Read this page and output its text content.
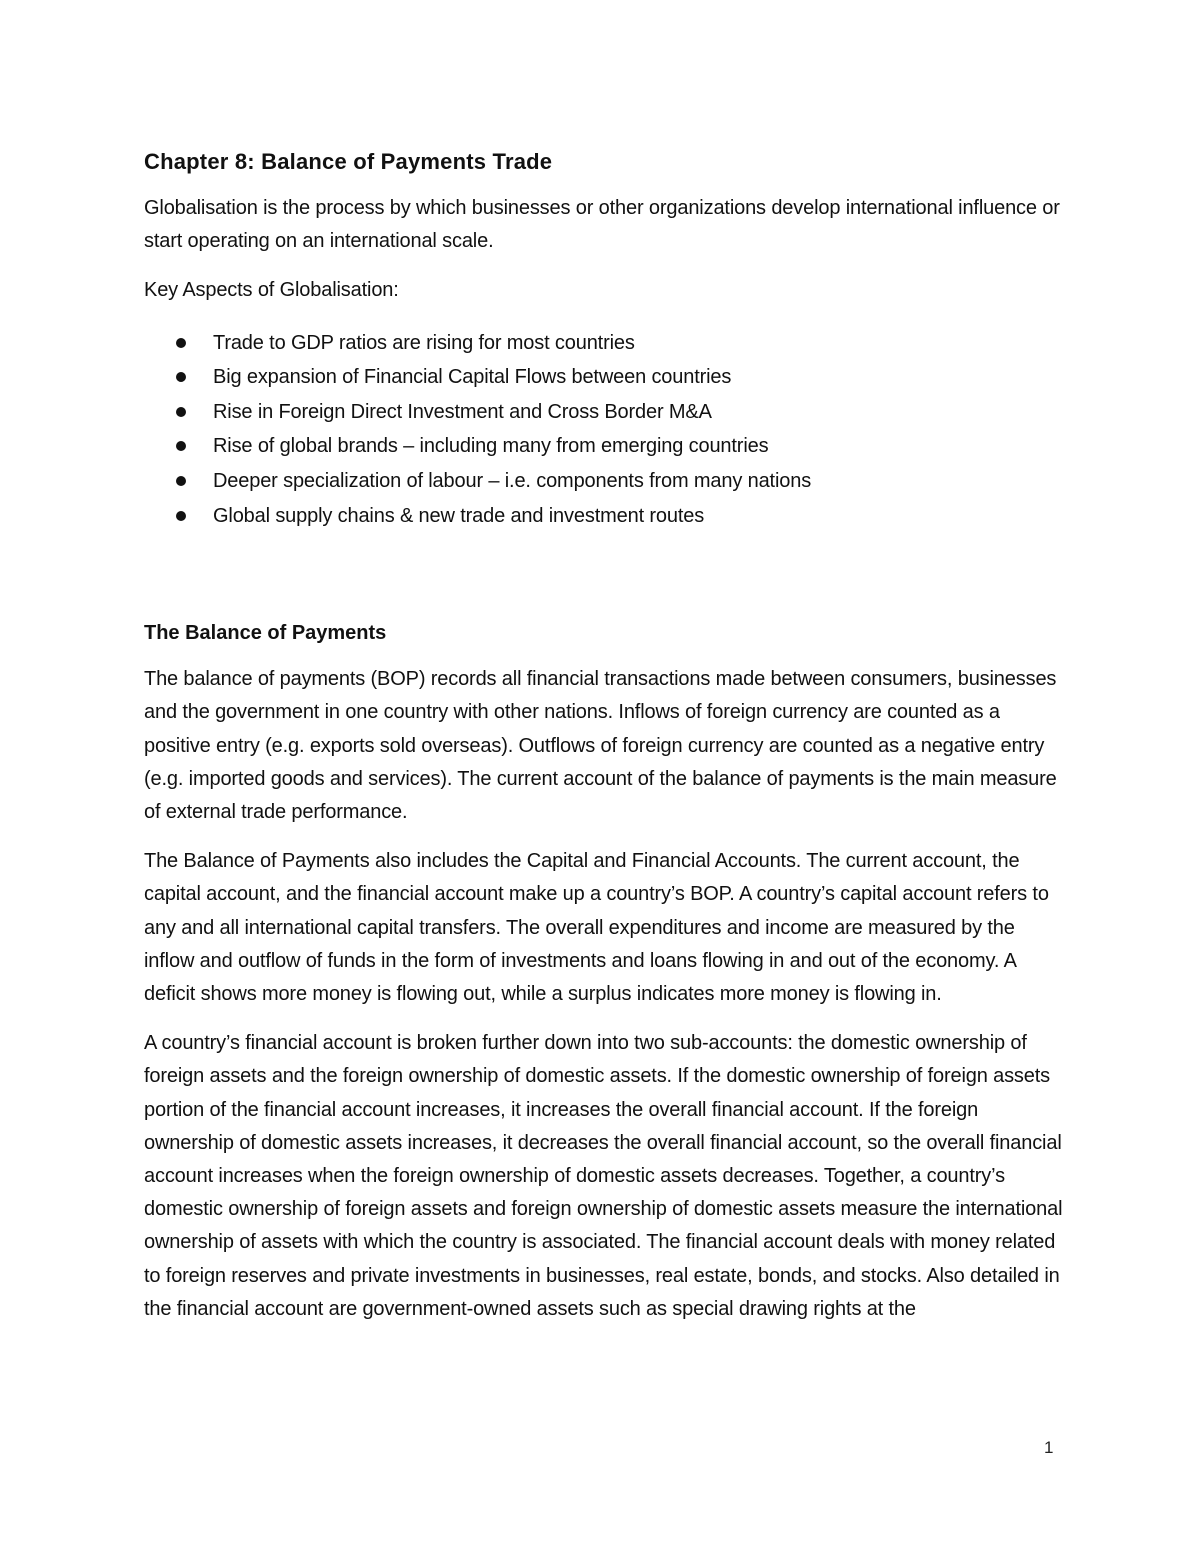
Chapter 8: Balance of Payments Trade

Globalisation is the process by which businesses or other organizations develop international influence or start operating on an international scale.

Key Aspects of Globalisation:

Trade to GDP ratios are rising for most countries
Big expansion of Financial Capital Flows between countries
Rise in Foreign Direct Investment and Cross Border M&A
Rise of global brands – including many from emerging countries
Deeper specialization of labour – i.e. components from many nations
Global supply chains & new trade and investment routes
The Balance of Payments

The balance of payments (BOP) records all financial transactions made between consumers, businesses and the government in one country with other nations. Inflows of foreign currency are counted as a positive entry (e.g. exports sold overseas). Outflows of foreign currency are counted as a negative entry (e.g. imported goods and services). The current account of the balance of payments is the main measure of external trade performance.

The Balance of Payments also includes the Capital and Financial Accounts. The current account, the capital account, and the financial account make up a country’s BOP. A country’s capital account refers to any and all international capital transfers. The overall expenditures and income are measured by the inflow and outflow of funds in the form of investments and loans flowing in and out of the economy. A deficit shows more money is flowing out, while a surplus indicates more money is flowing in.

A country’s financial account is broken further down into two sub-accounts: the domestic ownership of foreign assets and the foreign ownership of domestic assets. If the domestic ownership of foreign assets portion of the financial account increases, it increases the overall financial account. If the foreign ownership of domestic assets increases, it decreases the overall financial account, so the overall financial account increases when the foreign ownership of domestic assets decreases. Together, a country’s domestic ownership of foreign assets and foreign ownership of domestic assets measure the international ownership of assets with which the country is associated. The financial account deals with money related to foreign reserves and private investments in businesses, real estate, bonds, and stocks. Also detailed in the financial account are government-owned assets such as special drawing rights at the

1
